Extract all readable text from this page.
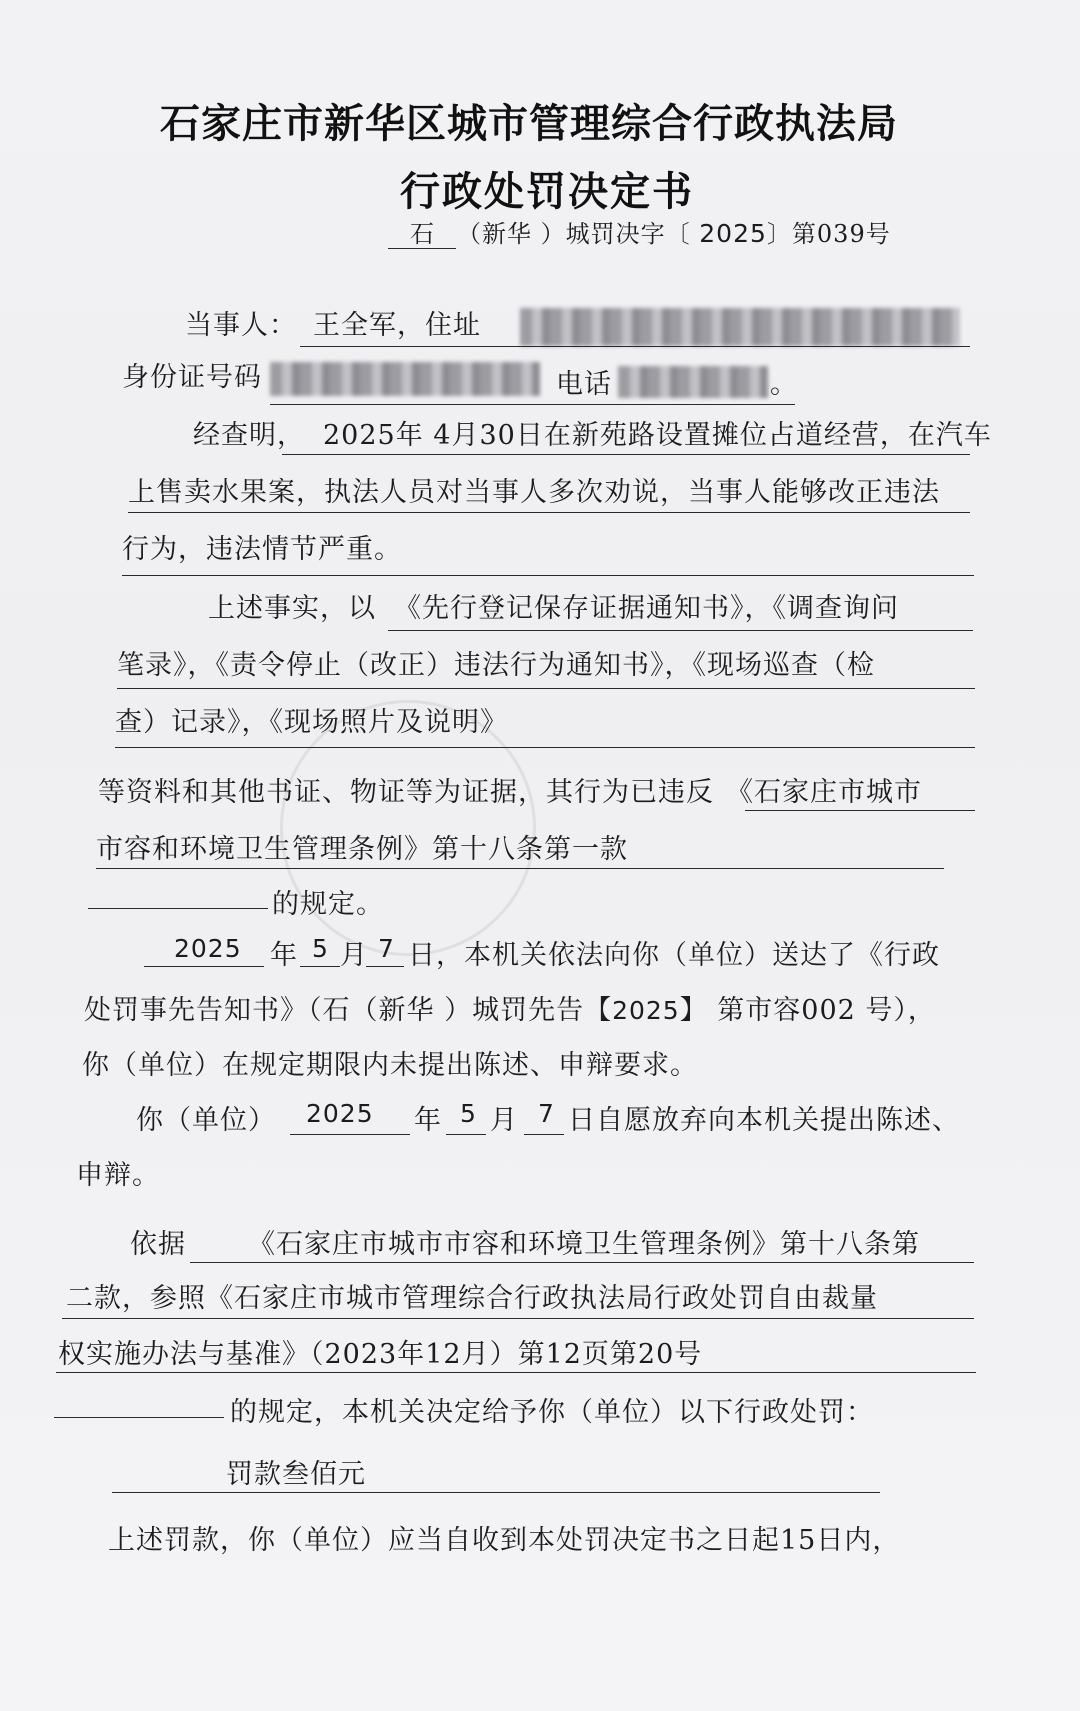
石家庄市新华区城市管理综合行政执法局
行政处罚决定书
石 （新华 ）城罚决字〔 2025〕第039号
当事人： 王全军，住址
身份证号码	电话	。
经查明， 2025年 4月30日在新苑路设置摊位占道经营，在汽车
上售卖水果案，执法人员对当事人多次劝说，当事人能够改正违法
行为，违法情节严重。
上述事实，以 《先行登记保存证据通知书》，《调查询问
笔录》，《责令停止（改正）违法行为通知书》，《现场巡查（检
查）记录》，《现场照片及说明》
等资料和其他书证、物证等为证据，其行为已违反 《石家庄市城市
市容和环境卫生管理条例》第十八条第一款
的规定。
2025 年 5 月 7 日，本机关依法向你（单位）送达了《行政
处罚事先告知书》（石（新华 ）城罚先告【2025】 第市容002 号），
你（单位）在规定期限内未提出陈述、申辩要求。
你（单位） 2025 年 5 月 7 日自愿放弃向本机关提出陈述、
申辩。
依据 《石家庄市城市市容和环境卫生管理条例》第十八条第
二款，参照《石家庄市城市管理综合行政执法局行政处罚自由裁量
权实施办法与基准》（2023年12月）第12页第20号
的规定，本机关决定给予你（单位）以下行政处罚：
罚款叁佰元
上述罚款，你（单位）应当自收到本处罚决定书之日起15日内，
